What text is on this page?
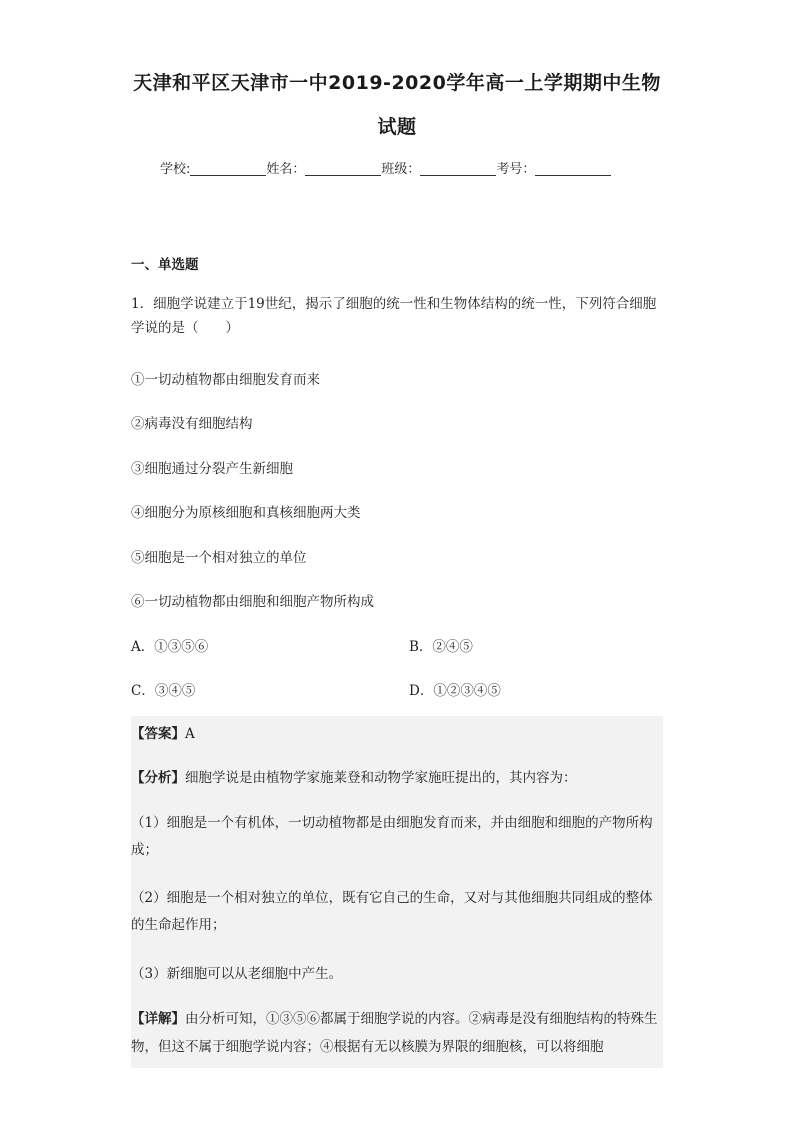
天津和平区天津市一中2019-2020学年高一上学期期中生物
试题
学校:	姓名：	班级：	考号：
一、单选题
1．细胞学说建立于19世纪，揭示了细胞的统一性和生物体结构的统一性，下列符合细胞学说的是（　　）
①一切动植物都由细胞发育而来
②病毒没有细胞结构
③细胞通过分裂产生新细胞
④细胞分为原核细胞和真核细胞两大类
⑤细胞是一个相对独立的单位
⑥一切动植物都由细胞和细胞产物所构成
A．①③⑤⑥	B．②④⑤
C．③④⑤	D．①②③④⑤
【答案】A
【分析】细胞学说是由植物学家施莱登和动物学家施旺提出的，其内容为：
（1）细胞是一个有机体，一切动植物都是由细胞发育而来，并由细胞和细胞的产物所构成；
（2）细胞是一个相对独立的单位，既有它自己的生命，又对与其他细胞共同组成的整体的生命起作用；
（3）新细胞可以从老细胞中产生。
【详解】由分析可知，①③⑤⑥都属于细胞学说的内容。②病毒是没有细胞结构的特殊生物，但这不属于细胞学说内容；④根据有无以核膜为界限的细胞核，可以将细胞
